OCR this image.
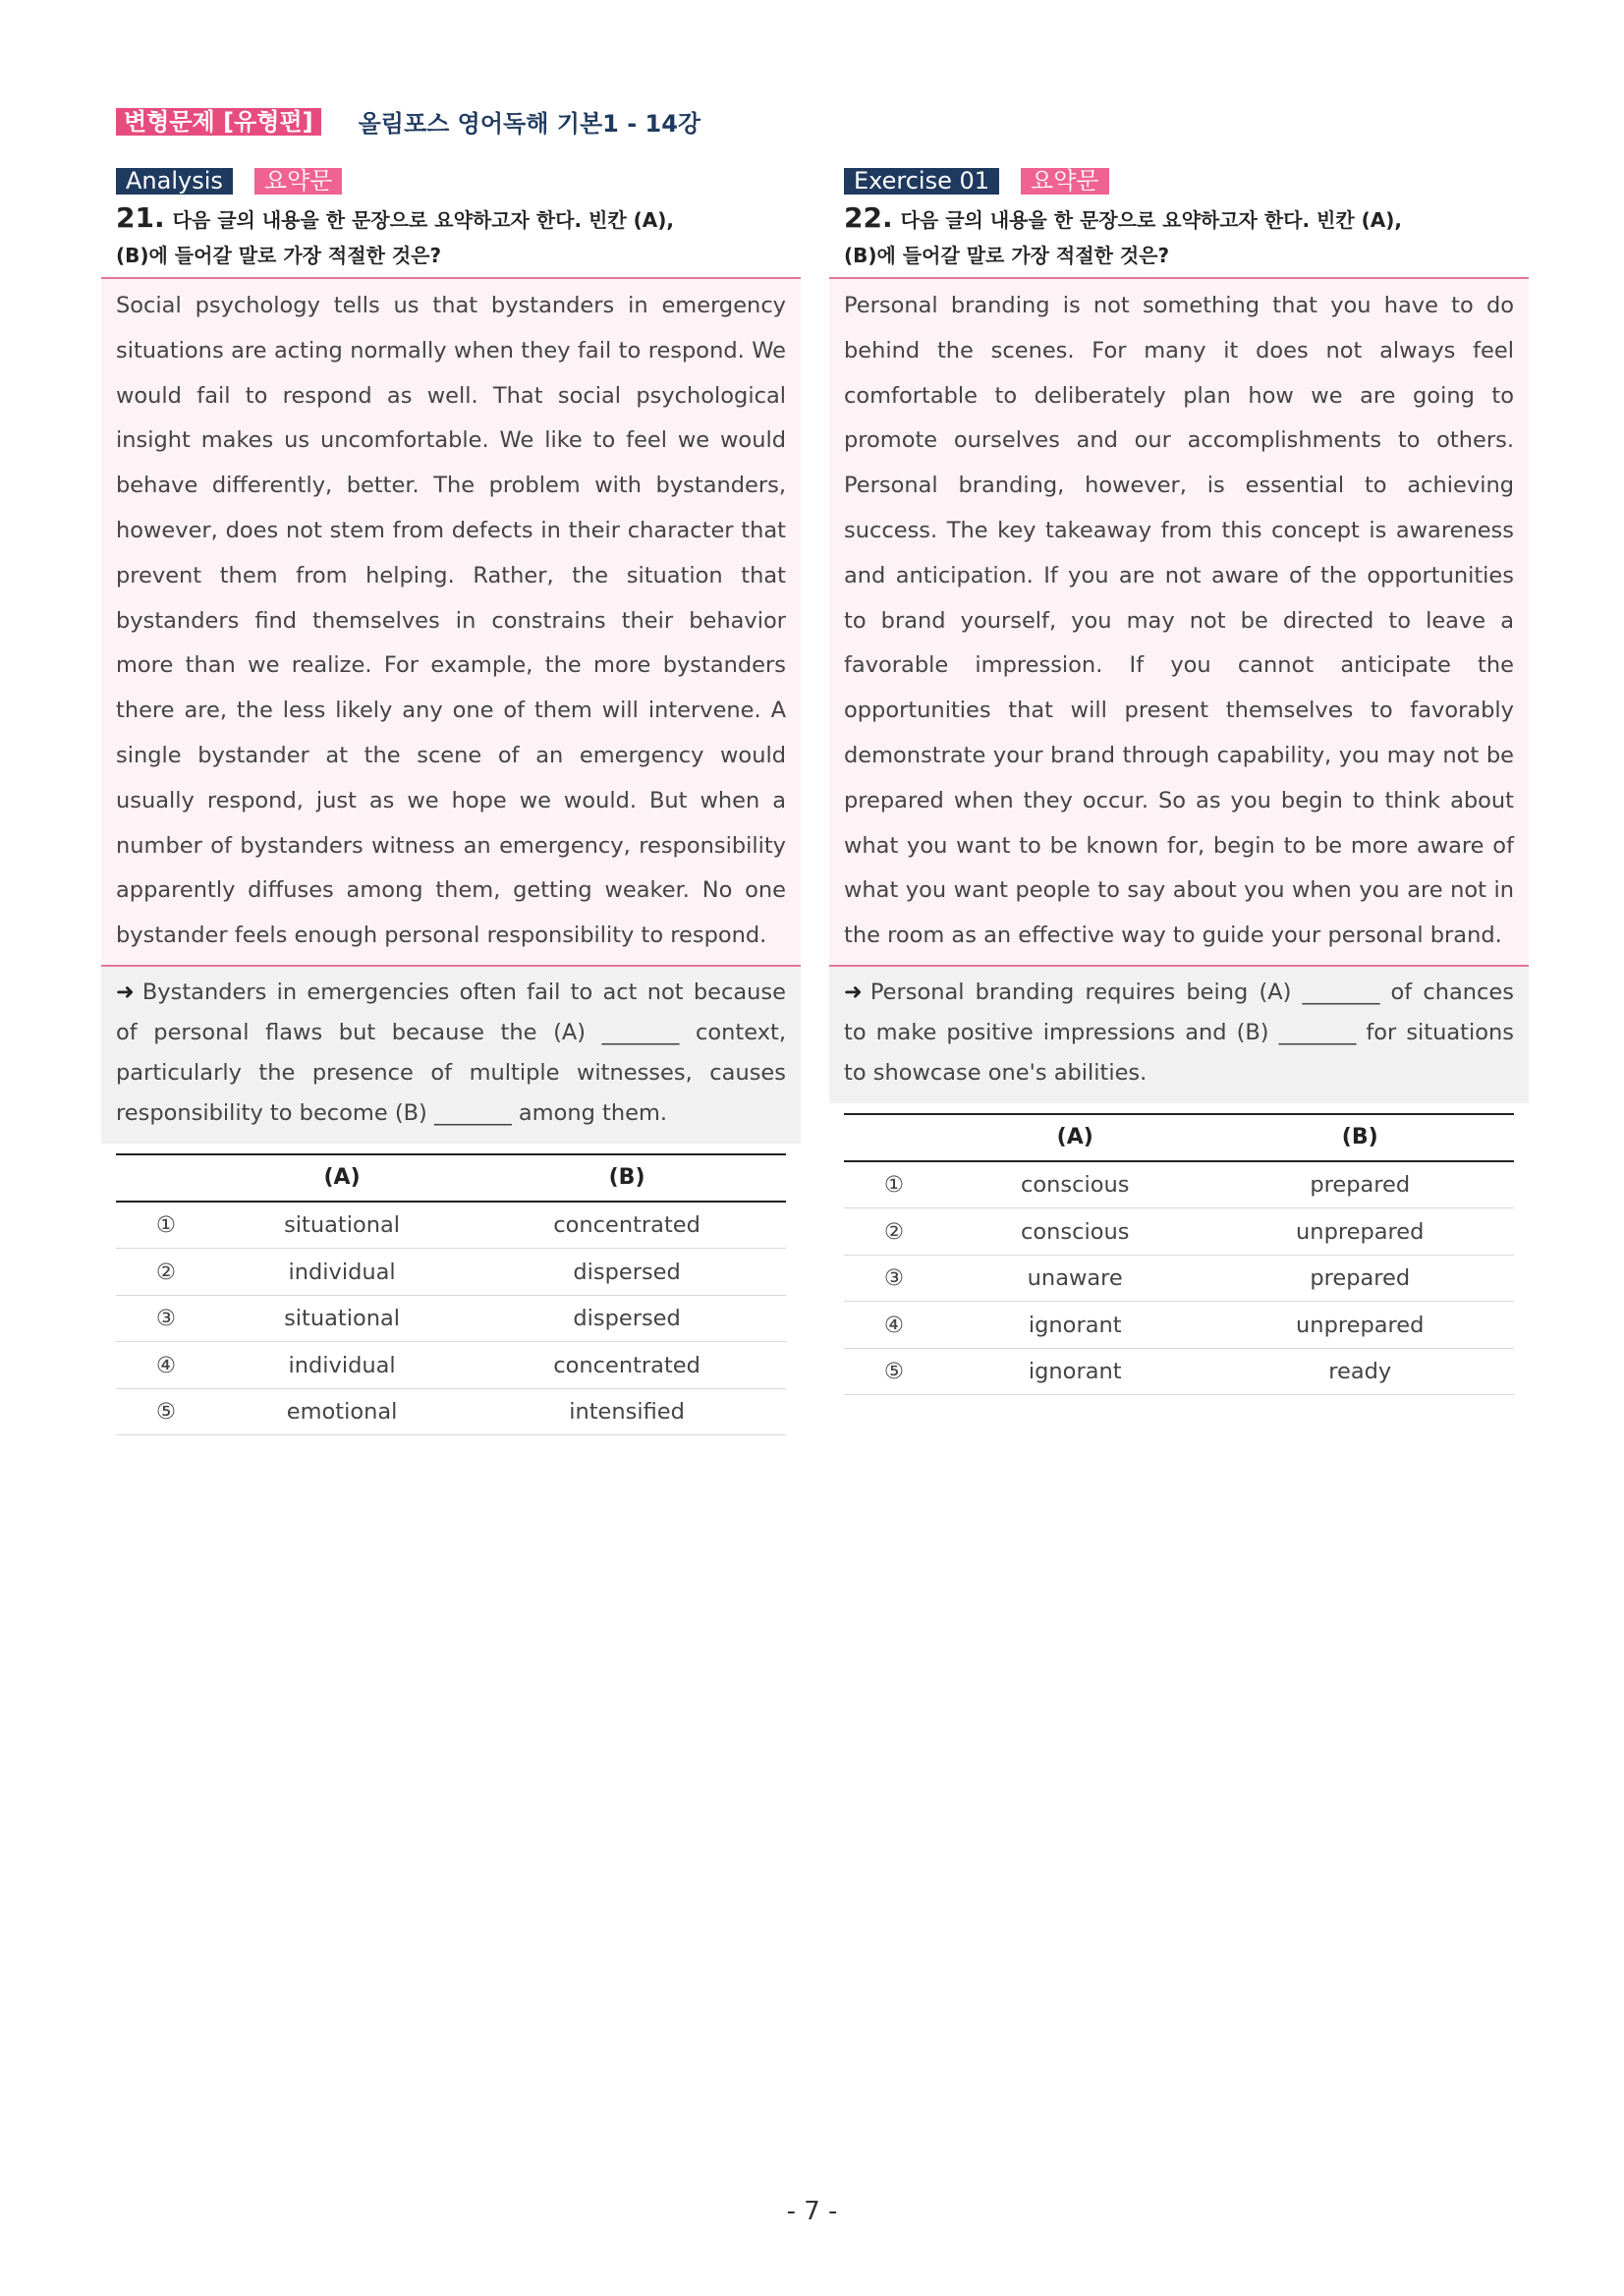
변형문제 [유형편]	올림포스 영어독해 기본1 - 14강
Analysis	요약문
21. 다음 글의 내용을 한 문장으로 요약하고자 한다. 빈칸 (A),
(B)에 들어갈 말로 가장 적절한 것은?
Social psychology tells us that bystanders in emergency situations are acting normally when they fail to respond. We would fail to respond as well. That social psychological insight makes us uncomfortable. We like to feel we would behave differently, better. The problem with bystanders, however, does not stem from defects in their character that prevent them from helping. Rather, the situation that bystanders find themselves in constrains their behavior more than we realize. For example, the more bystanders there are, the less likely any one of them will intervene. A single bystander at the scene of an emergency would usually respond, just as we hope we would. But when a number of bystanders witness an emergency, responsibility apparently diffuses among them, getting weaker. No one bystander feels enough personal responsibility to respond.
➜ Bystanders in emergencies often fail to act not because of personal flaws but because the (A) _______ context, particularly the presence of multiple witnesses, causes responsibility to become (B) _______ among them.
	(A)	(B)
①	situational	concentrated
②	individual	dispersed
③	situational	dispersed
④	individual	concentrated
⑤	emotional	intensified
Exercise 01	요약문
22. 다음 글의 내용을 한 문장으로 요약하고자 한다. 빈칸 (A),
(B)에 들어갈 말로 가장 적절한 것은?
Personal branding is not something that you have to do behind the scenes. For many it does not always feel comfortable to deliberately plan how we are going to promote ourselves and our accomplishments to others. Personal branding, however, is essential to achieving success. The key takeaway from this concept is awareness and anticipation. If you are not aware of the opportunities to brand yourself, you may not be directed to leave a favorable impression. If you cannot anticipate the opportunities that will present themselves to favorably demonstrate your brand through capability, you may not be prepared when they occur. So as you begin to think about what you want to be known for, begin to be more aware of what you want people to say about you when you are not in the room as an effective way to guide your personal brand.
➜ Personal branding requires being (A) _______ of chances to make positive impressions and (B) _______ for situations to showcase one's abilities.
	(A)	(B)
①	conscious	prepared
②	conscious	unprepared
③	unaware	prepared
④	ignorant	unprepared
⑤	ignorant	ready
- 7 -
